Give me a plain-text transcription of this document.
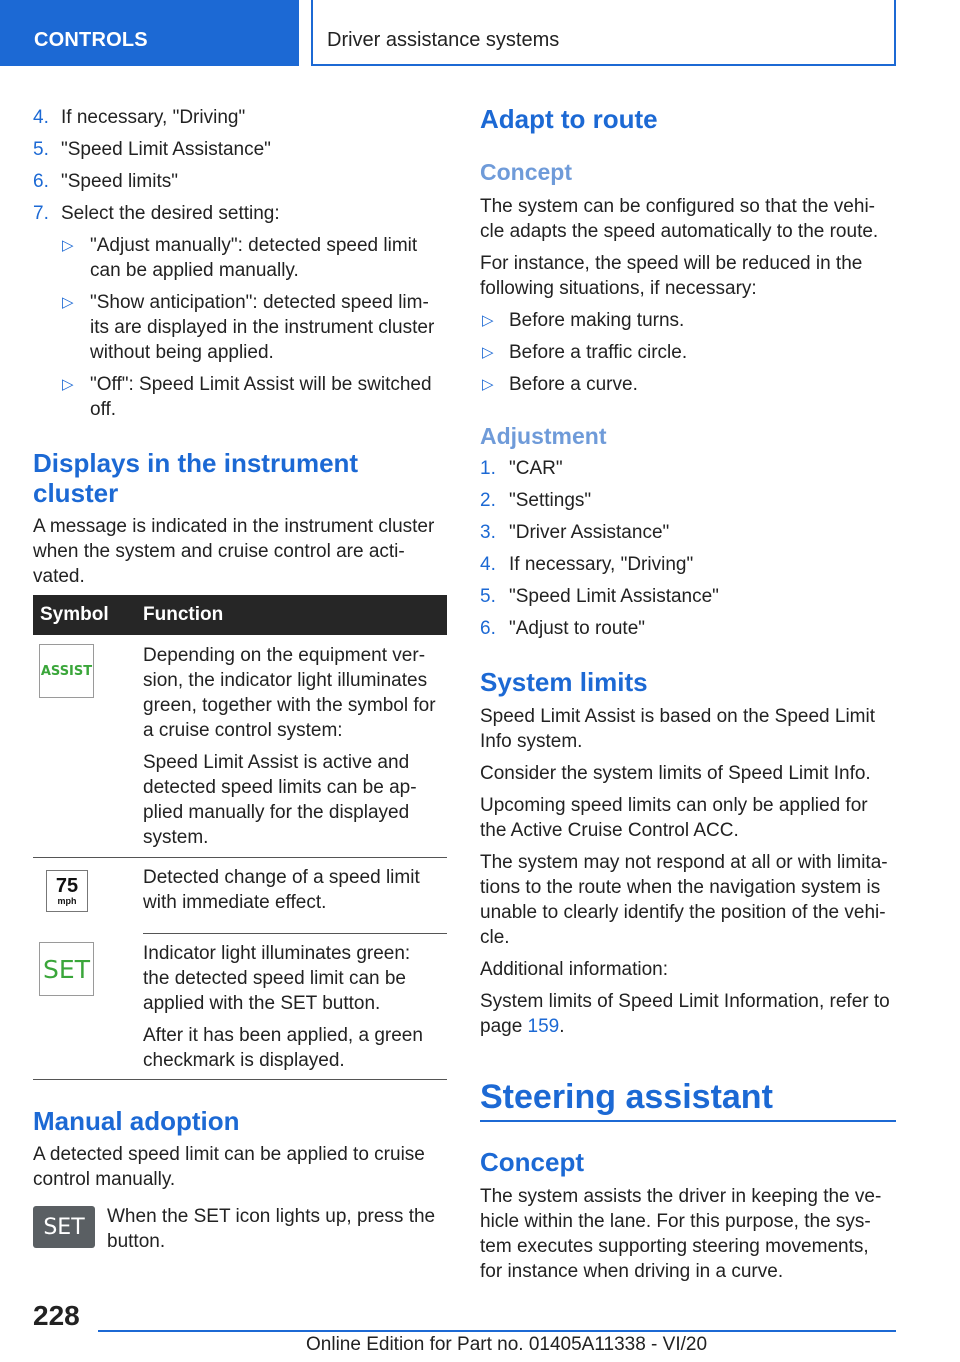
CONTROLS	Driver assistance systems
4. If necessary, "Driving"
5. "Speed Limit Assistance"
6. "Speed limits"
7. Select the desired setting:
▷ "Adjust manually": detected speed limit
can be applied manually.
▷ "Show anticipation": detected speed lim-
its are displayed in the instrument cluster
without being applied.
▷ "Off": Speed Limit Assist will be switched
off.
Displays in the instrument
cluster
A message is indicated in the instrument cluster
when the system and cruise control are acti-
vated.
Symbol Function
ASSIST
Depending on the equipment ver-
sion, the indicator light illuminates
green, together with the symbol for
a cruise control system:
Speed Limit Assist is active and
detected speed limits can be ap-
plied manually for the displayed
system.
75
mph
Detected change of a speed limit
with immediate effect.
SET
Indicator light illuminates green:
the detected speed limit can be
applied with the SET button.
After it has been applied, a green
checkmark is displayed.
Manual adoption
A detected speed limit can be applied to cruise
control manually.
SET When the SET icon lights up, press the
button.
Adapt to route
Concept
The system can be configured so that the vehi-
cle adapts the speed automatically to the route.
For instance, the speed will be reduced in the
following situations, if necessary:
▷ Before making turns.
▷ Before a traffic circle.
▷ Before a curve.
Adjustment
1. "CAR"
2. "Settings"
3. "Driver Assistance"
4. If necessary, "Driving"
5. "Speed Limit Assistance"
6. "Adjust to route"
System limits
Speed Limit Assist is based on the Speed Limit
Info system.
Consider the system limits of Speed Limit Info.
Upcoming speed limits can only be applied for
the Active Cruise Control ACC.
The system may not respond at all or with limita-
tions to the route when the navigation system is
unable to clearly identify the position of the vehi-
cle.
Additional information:
System limits of Speed Limit Information, refer to
page 159.
Steering assistant
Concept
The system assists the driver in keeping the ve-
hicle within the lane. For this purpose, the sys-
tem executes supporting steering movements,
for instance when driving in a curve.
228
Online Edition for Part no. 01405A11338 - VI/20
